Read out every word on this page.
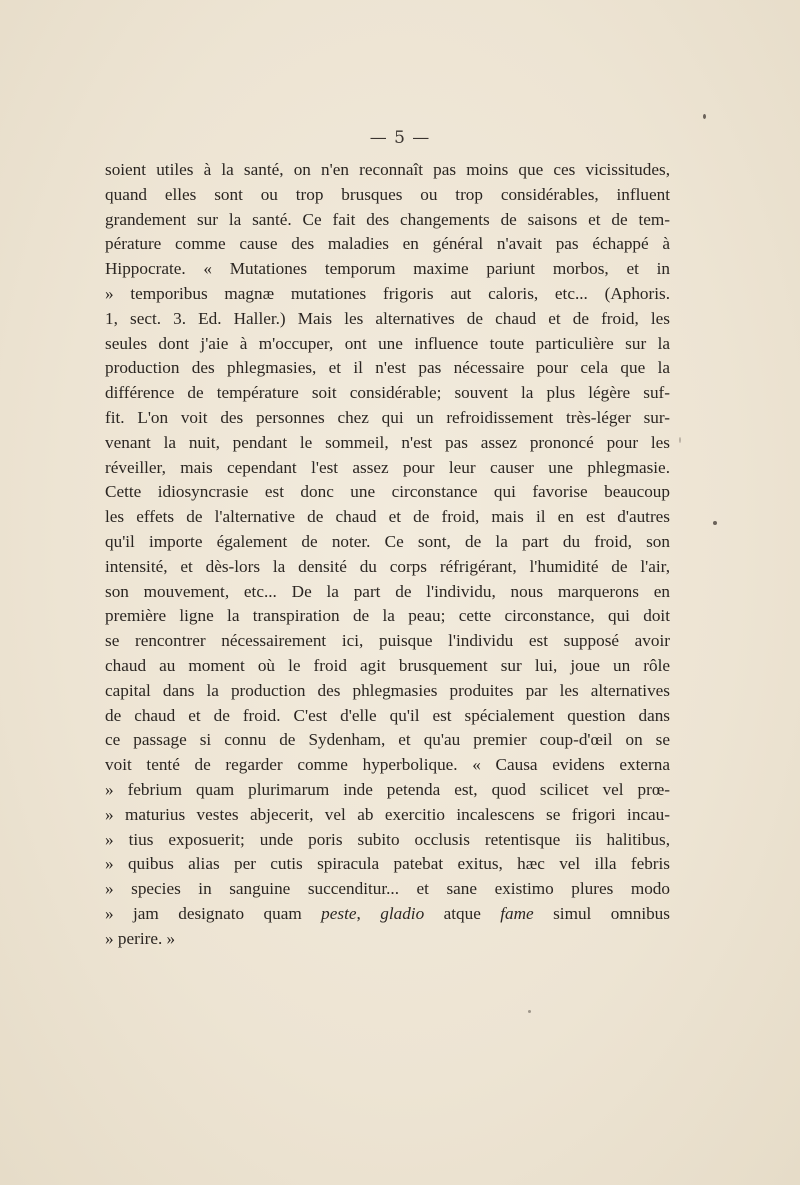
— 5 —
soient utiles à la santé, on n'en reconnaît pas moins que ces vicissitudes,
quand elles sont ou trop brusques ou trop considérables, influent
grandement sur la santé. Ce fait des changements de saisons et de tem-
pérature comme cause des maladies en général n'avait pas échappé à
Hippocrate. « Mutationes temporum maxime pariunt morbos, et in
» temporibus magnæ mutationes frigoris aut caloris, etc... (Aphoris.
1, sect. 3. Ed. Haller.) Mais les alternatives de chaud et de froid, les
seules dont j'aie à m'occuper, ont une influence toute particulière sur la
production des phlegmasies, et il n'est pas nécessaire pour cela que la
différence de température soit considérable; souvent la plus légère suf-
fit. L'on voit des personnes chez qui un refroidissement très-léger sur-
venant la nuit, pendant le sommeil, n'est pas assez prononcé pour les
réveiller, mais cependant l'est assez pour leur causer une phlegmasie.
Cette idiosyncrasie est donc une circonstance qui favorise beaucoup
les effets de l'alternative de chaud et de froid, mais il en est d'autres
qu'il importe également de noter. Ce sont, de la part du froid, son
intensité, et dès-lors la densité du corps réfrigérant, l'humidité de l'air,
son mouvement, etc... De la part de l'individu, nous marquerons en
première ligne la transpiration de la peau; cette circonstance, qui doit
se rencontrer nécessairement ici, puisque l'individu est supposé avoir
chaud au moment où le froid agit brusquement sur lui, joue un rôle
capital dans la production des phlegmasies produites par les alternatives
de chaud et de froid. C'est d'elle qu'il est spécialement question dans
ce passage si connu de Sydenham, et qu'au premier coup-d'œil on se
voit tenté de regarder comme hyperbolique. « Causa evidens externa
» febrium quam plurimarum inde petenda est, quod scilicet vel prœ-
» maturius vestes abjecerit, vel ab exercitio incalescens se frigori incau-
» tius exposuerit; unde poris subito occlusis retentisque iis halitibus,
» quibus alias per cutis spiracula patebat exitus, hæc vel illa febris
» species in sanguine succenditur... et sane existimo plures modo
» jam designato quam peste, gladio atque fame simul omnibus
» perire. »
